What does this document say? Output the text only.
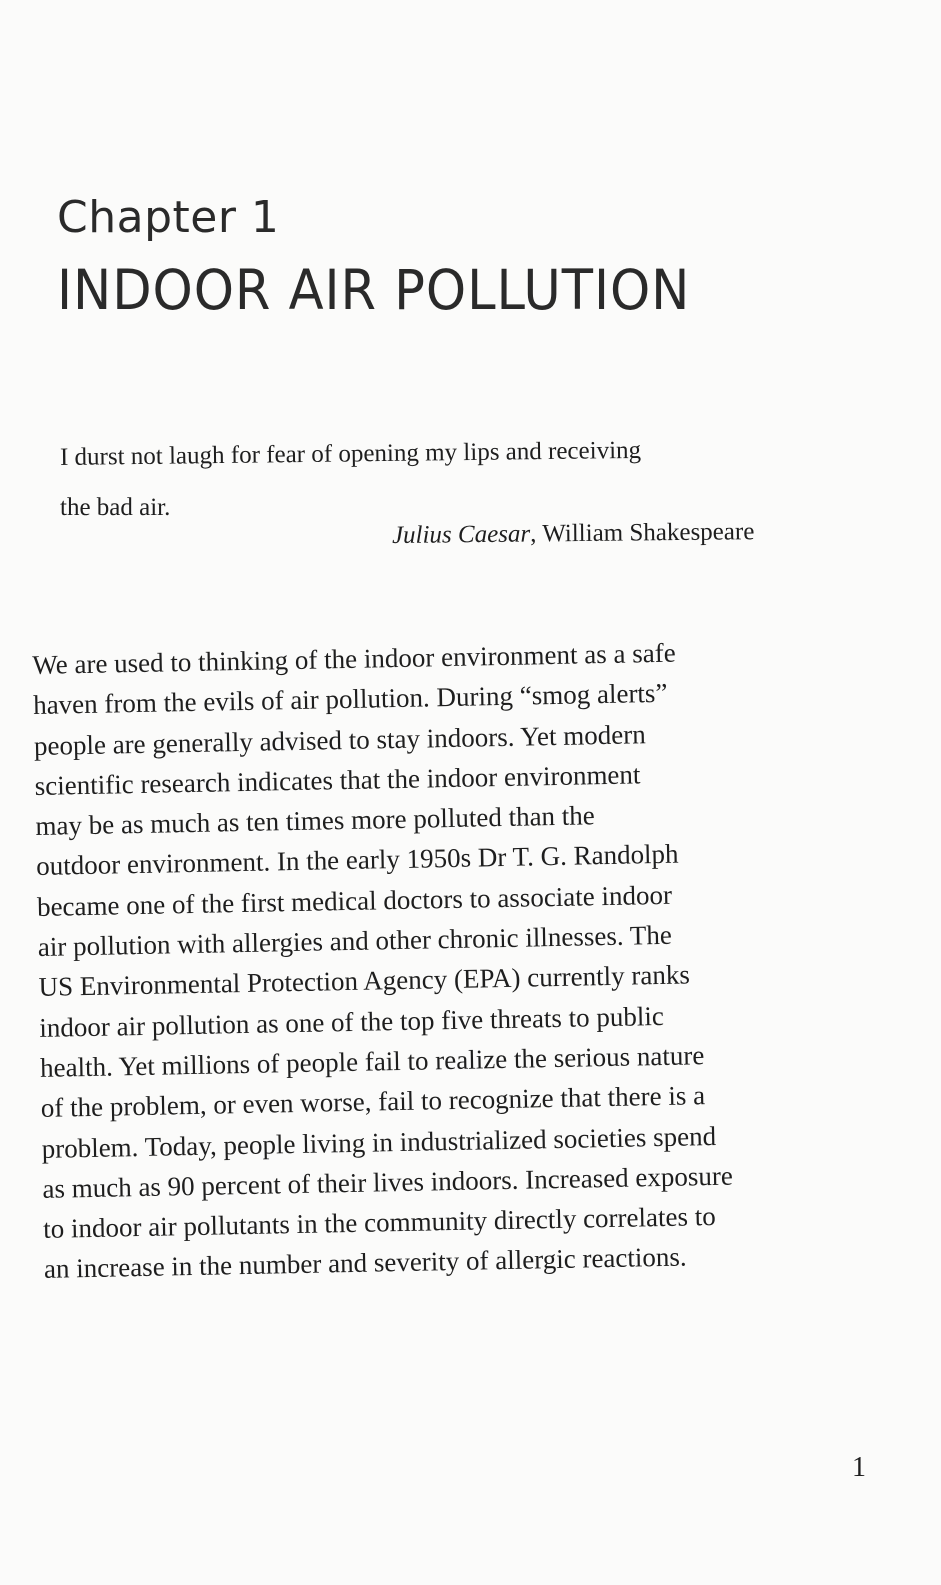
Chapter 1
INDOOR AIR POLLUTION
I durst not laugh for fear of opening my lips and receiving
the bad air.
Julius Caesar, William Shakespeare
We are used to thinking of the indoor environment as a safe
haven from the evils of air pollution. During “smog alerts”
people are generally advised to stay indoors. Yet modern
scientific research indicates that the indoor environment
may be as much as ten times more polluted than the
outdoor environment. In the early 1950s Dr T. G. Randolph
became one of the first medical doctors to associate indoor
air pollution with allergies and other chronic illnesses. The
US Environmental Protection Agency (EPA) currently ranks
indoor air pollution as one of the top five threats to public
health. Yet millions of people fail to realize the serious nature
of the problem, or even worse, fail to recognize that there is a
problem. Today, people living in industrialized societies spend
as much as 90 percent of their lives indoors. Increased exposure
to indoor air pollutants in the community directly correlates to
an increase in the number and severity of allergic reactions.
1
